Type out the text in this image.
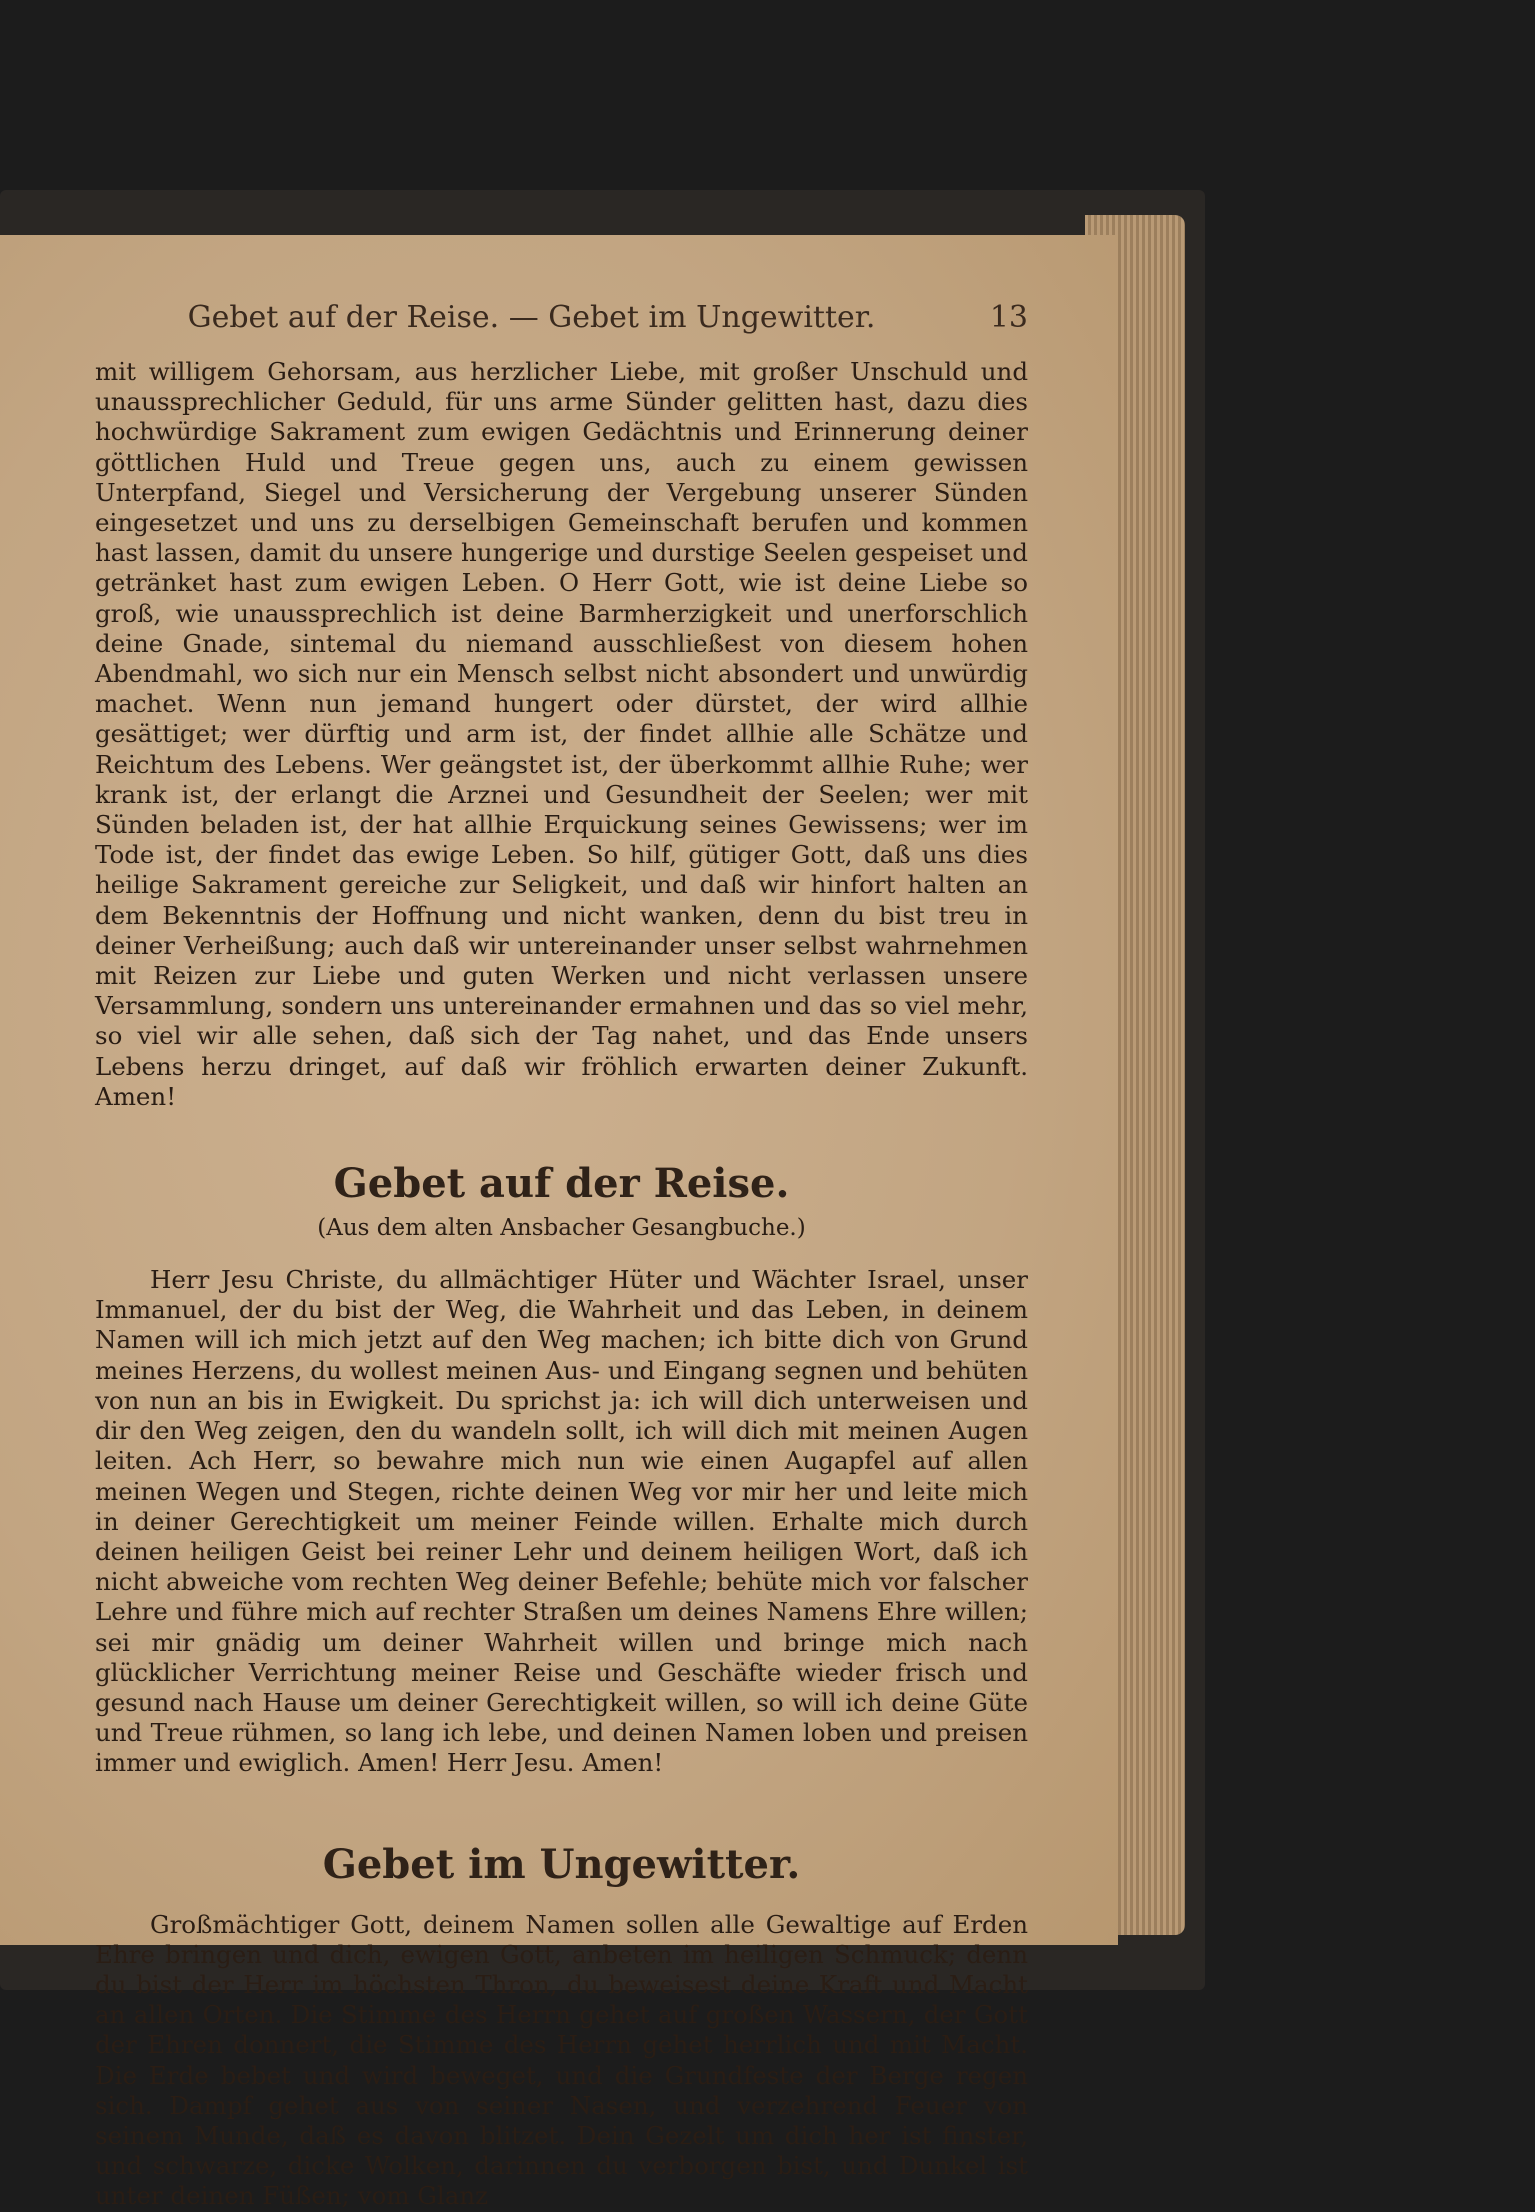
Gebet auf der Reise. — Gebet im Ungewitter.	13

mit willigem Gehorsam, aus herzlicher Liebe, mit großer Unschuld und unaussprechlicher Geduld, für uns arme Sünder gelitten hast, dazu dies hochwürdige Sakrament zum ewigen Gedächtnis und Erinnerung deiner göttlichen Huld und Treue gegen uns, auch zu einem gewissen Unterpfand, Siegel und Versicherung der Vergebung unserer Sünden eingesetzet und uns zu derselbigen Gemeinschaft berufen und kommen hast lassen, damit du unsere hungerige und durstige Seelen gespeiset und getränket hast zum ewigen Leben. O Herr Gott, wie ist deine Liebe so groß, wie unaussprechlich ist deine Barmherzigkeit und unerforschlich deine Gnade, sintemal du niemand ausschließest von diesem hohen Abendmahl, wo sich nur ein Mensch selbst nicht absondert und unwürdig machet. Wenn nun jemand hungert oder dürstet, der wird allhie gesättiget; wer dürftig und arm ist, der findet allhie alle Schätze und Reichtum des Lebens. Wer geängstet ist, der überkommt allhie Ruhe; wer krank ist, der erlangt die Arznei und Gesundheit der Seelen; wer mit Sünden beladen ist, der hat allhie Erquickung seines Gewissens; wer im Tode ist, der findet das ewige Leben. So hilf, gütiger Gott, daß uns dies heilige Sakrament gereiche zur Seligkeit, und daß wir hinfort halten an dem Bekenntnis der Hoffnung und nicht wanken, denn du bist treu in deiner Verheißung; auch daß wir untereinander unser selbst wahrnehmen mit Reizen zur Liebe und guten Werken und nicht verlassen unsere Versammlung, sondern uns untereinander ermahnen und das so viel mehr, so viel wir alle sehen, daß sich der Tag nahet, und das Ende unsers Lebens herzu dringet, auf daß wir fröhlich erwarten deiner Zukunft. Amen!

Gebet auf der Reise.
(Aus dem alten Ansbacher Gesangbuche.)

Herr Jesu Christe, du allmächtiger Hüter und Wächter Israel, unser Immanuel, der du bist der Weg, die Wahrheit und das Leben, in deinem Namen will ich mich jetzt auf den Weg machen; ich bitte dich von Grund meines Herzens, du wollest meinen Aus- und Eingang segnen und behüten von nun an bis in Ewigkeit. Du sprichst ja: ich will dich unterweisen und dir den Weg zeigen, den du wandeln sollt, ich will dich mit meinen Augen leiten. Ach Herr, so bewahre mich nun wie einen Augapfel auf allen meinen Wegen und Stegen, richte deinen Weg vor mir her und leite mich in deiner Gerechtigkeit um meiner Feinde willen. Erhalte mich durch deinen heiligen Geist bei reiner Lehr und deinem heiligen Wort, daß ich nicht abweiche vom rechten Weg deiner Befehle; behüte mich vor falscher Lehre und führe mich auf rechter Straßen um deines Namens Ehre willen; sei mir gnädig um deiner Wahrheit willen und bringe mich nach glücklicher Verrichtung meiner Reise und Geschäfte wieder frisch und gesund nach Hause um deiner Gerechtigkeit willen, so will ich deine Güte und Treue rühmen, so lang ich lebe, und deinen Namen loben und preisen immer und ewiglich. Amen! Herr Jesu. Amen!

Gebet im Ungewitter.

Großmächtiger Gott, deinem Namen sollen alle Gewaltige auf Erden Ehre bringen und dich, ewigen Gott, anbeten im heiligen Schmuck; denn du bist der Herr im höchsten Thron, du beweisest deine Kraft und Macht an allen Orten. Die Stimme des Herrn gehet auf großen Wassern, der Gott der Ehren donnert, die Stimme des Herrn gehet herrlich und mit Macht. Die Erde bebet und wird beweget, und die Grundfeste der Berge regen sich. Dampf gehet aus von seiner Nasen, und verzehrend Feuer von seinem Munde, daß es davon blitzet. Dein Gezelt um dich her ist finster, und schwarze, dicke Wolken, darinnen du verborgen bist, und Dunkel ist unter deinen Füßen; vom Glanz
